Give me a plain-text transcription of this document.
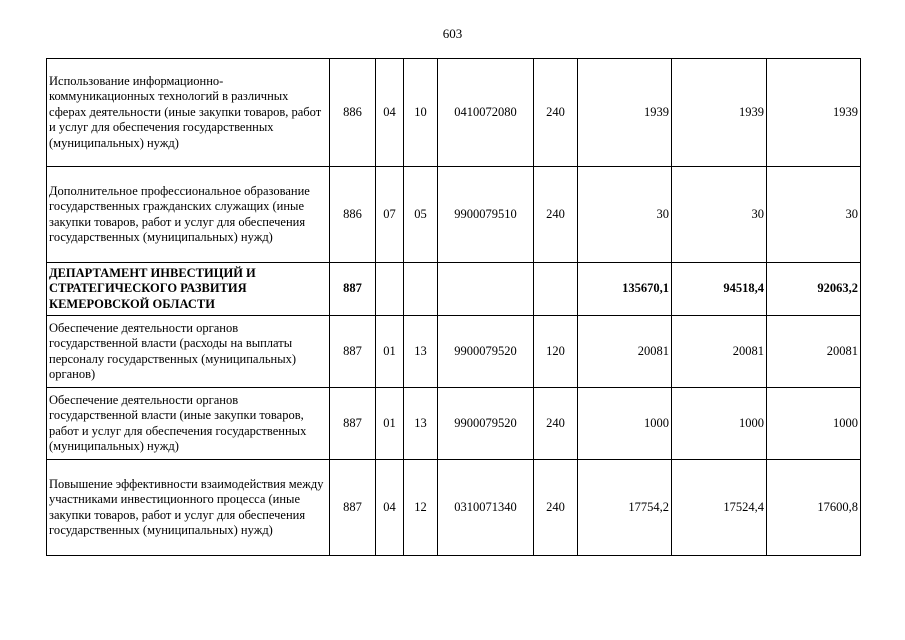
603
Использование информационно-коммуникационных технологий в различных сферах деятельности (иные закупки товаров, работ и услуг для обеспечения государственных (муниципальных) нужд)	886	04	10	0410072080	240	1939	1939	1939
Дополнительное профессиональное образование государственных гражданских служащих (иные закупки товаров, работ и услуг для обеспечения государственных (муниципальных) нужд)	886	07	05	9900079510	240	30	30	30
ДЕПАРТАМЕНТ ИНВЕСТИЦИЙ И СТРАТЕГИЧЕСКОГО РАЗВИТИЯ КЕМЕРОВСКОЙ ОБЛАСТИ	887					135670,1	94518,4	92063,2
Обеспечение деятельности органов государственной власти (расходы на выплаты персоналу государственных (муниципальных) органов)	887	01	13	9900079520	120	20081	20081	20081
Обеспечение деятельности органов государственной власти (иные закупки товаров, работ и услуг для обеспечения государственных (муниципальных) нужд)	887	01	13	9900079520	240	1000	1000	1000
Повышение эффективности взаимодействия между участниками инвестиционного процесса (иные закупки товаров, работ и услуг для обеспечения государственных (муниципальных) нужд)	887	04	12	0310071340	240	17754,2	17524,4	17600,8
